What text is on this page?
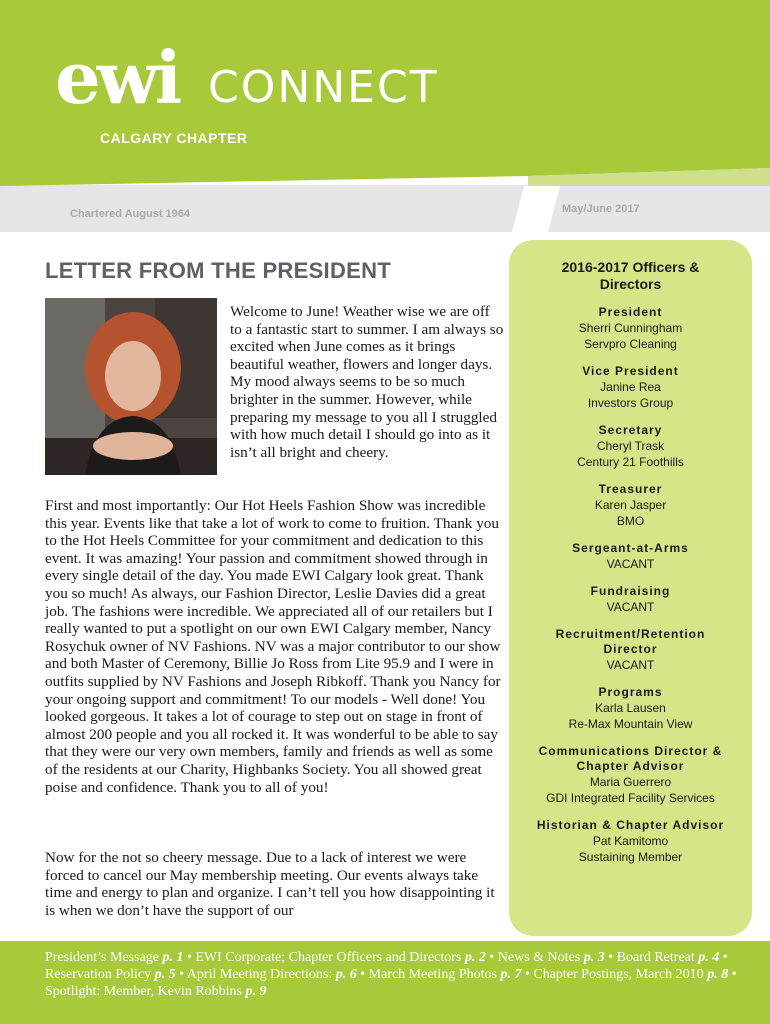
ewi CONNECT
CALGARY CHAPTER
Chartered August 1964	May/June 2017
LETTER FROM THE PRESIDENT

Welcome to June! Weather wise we are off to a fantastic start to summer. I am always so excited when June comes as it brings beautiful weather, flowers and longer days. My mood always seems to be so much brighter in the summer. However, while preparing my message to you all I struggled with how much detail I should go into as it isn’t all bright and cheery.

First and most importantly: Our Hot Heels Fashion Show was incredible this year. Events like that take a lot of work to come to fruition. Thank you to the Hot Heels Committee for your commitment and dedication to this event. It was amazing! Your passion and commitment showed through in every single detail of the day. You made EWI Calgary look great. Thank you so much! As always, our Fashion Director, Leslie Davies did a great job. The fashions were incredible. We appreciated all of our retailers but I really wanted to put a spotlight on our own EWI Calgary member, Nancy Rosychuk owner of NV Fashions. NV was a major contributor to our show and both Master of Ceremony, Billie Jo Ross from Lite 95.9 and I were in outfits supplied by NV Fashions and Joseph Ribkoff. Thank you Nancy for your ongoing support and commitment! To our models - Well done! You looked gorgeous. It takes a lot of courage to step out on stage in front of almost 200 people and you all rocked it. It was wonderful to be able to say that they were our very own members, family and friends as well as some of the residents at our Charity, Highbanks Society. You all showed great poise and confidence. Thank you to all of you!

Now for the not so cheery message. Due to a lack of interest we were forced to cancel our May membership meeting. Our events always take time and energy to plan and organize. I can’t tell you how disappointing it is when we don’t have the support of our

2016-2017 Officers & Directors
President
Sherri Cunningham
Servpro Cleaning
Vice President
Janine Rea
Investors Group
Secretary
Cheryl Trask
Century 21 Foothills
Treasurer
Karen Jasper
BMO
Sergeant-at-Arms
VACANT
Fundraising
VACANT
Recruitment/Retention Director
VACANT
Programs
Karla Lausen
Re-Max Mountain View
Communications Director & Chapter Advisor
Maria Guerrero
GDI Integrated Facility Services
Historian & Chapter Advisor
Pat Kamitomo
Sustaining Member
President’s Message p. 1 • EWI Corporate; Chapter Officers and Directors p. 2 • News & Notes p. 3 • Board Retreat p. 4 • Reservation Policy p. 5 • April Meeting Directions: p. 6 • March Meeting Photos p. 7 • Chapter Postings, March 2010 p. 8 • Spotlight: Member, Kevin Robbins p. 9
